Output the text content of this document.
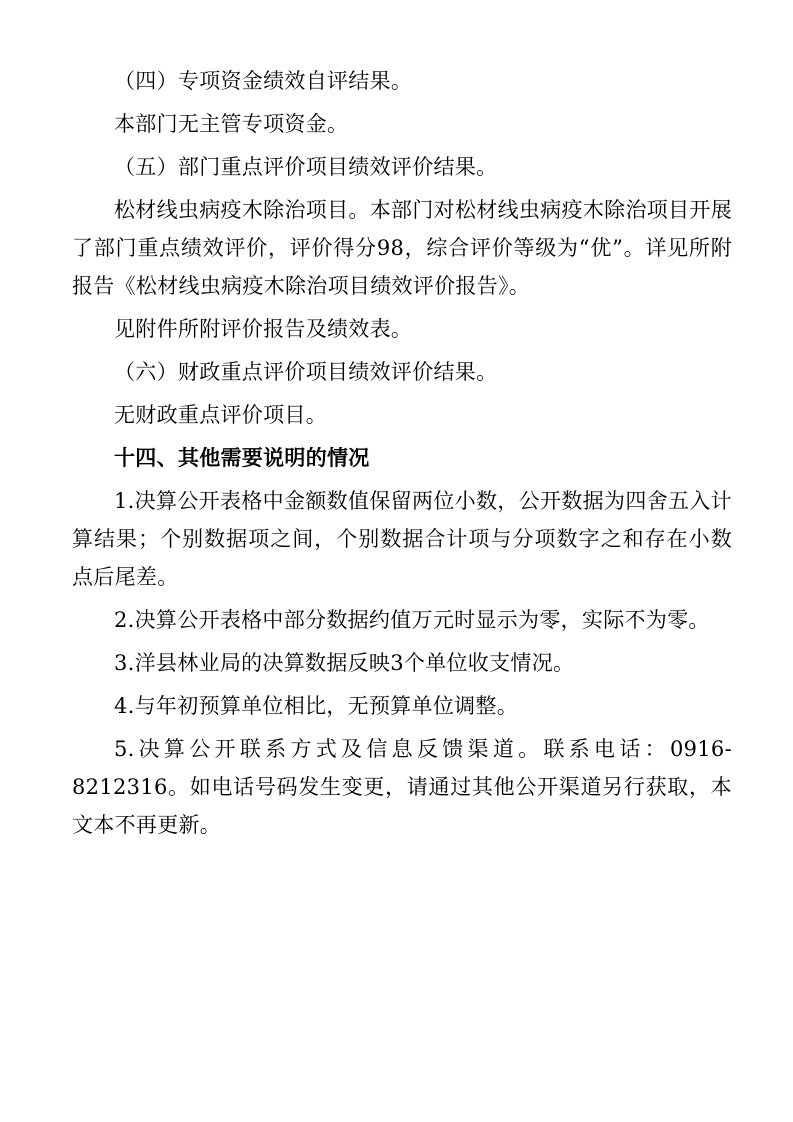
（四）专项资金绩效自评结果。

本部门无主管专项资金。

（五）部门重点评价项目绩效评价结果。

松材线虫病疫木除治项目。本部门对松材线虫病疫木除治项目开展了部门重点绩效评价，评价得分98，综合评价等级为“优”。详见所附报告《松材线虫病疫木除治项目绩效评价报告》。

见附件所附评价报告及绩效表。

（六）财政重点评价项目绩效评价结果。

无财政重点评价项目。

十四、其他需要说明的情况

1.决算公开表格中金额数值保留两位小数，公开数据为四舍五入计算结果；个别数据项之间，个别数据合计项与分项数字之和存在小数点后尾差。

2.决算公开表格中部分数据约值万元时显示为零，实际不为零。

3.洋县林业局的决算数据反映3个单位收支情况。

4.与年初预算单位相比，无预算单位调整。

5.决算公开联系方式及信息反馈渠道。联系电话：0916-8212316。如电话号码发生变更，请通过其他公开渠道另行获取，本文本不再更新。
